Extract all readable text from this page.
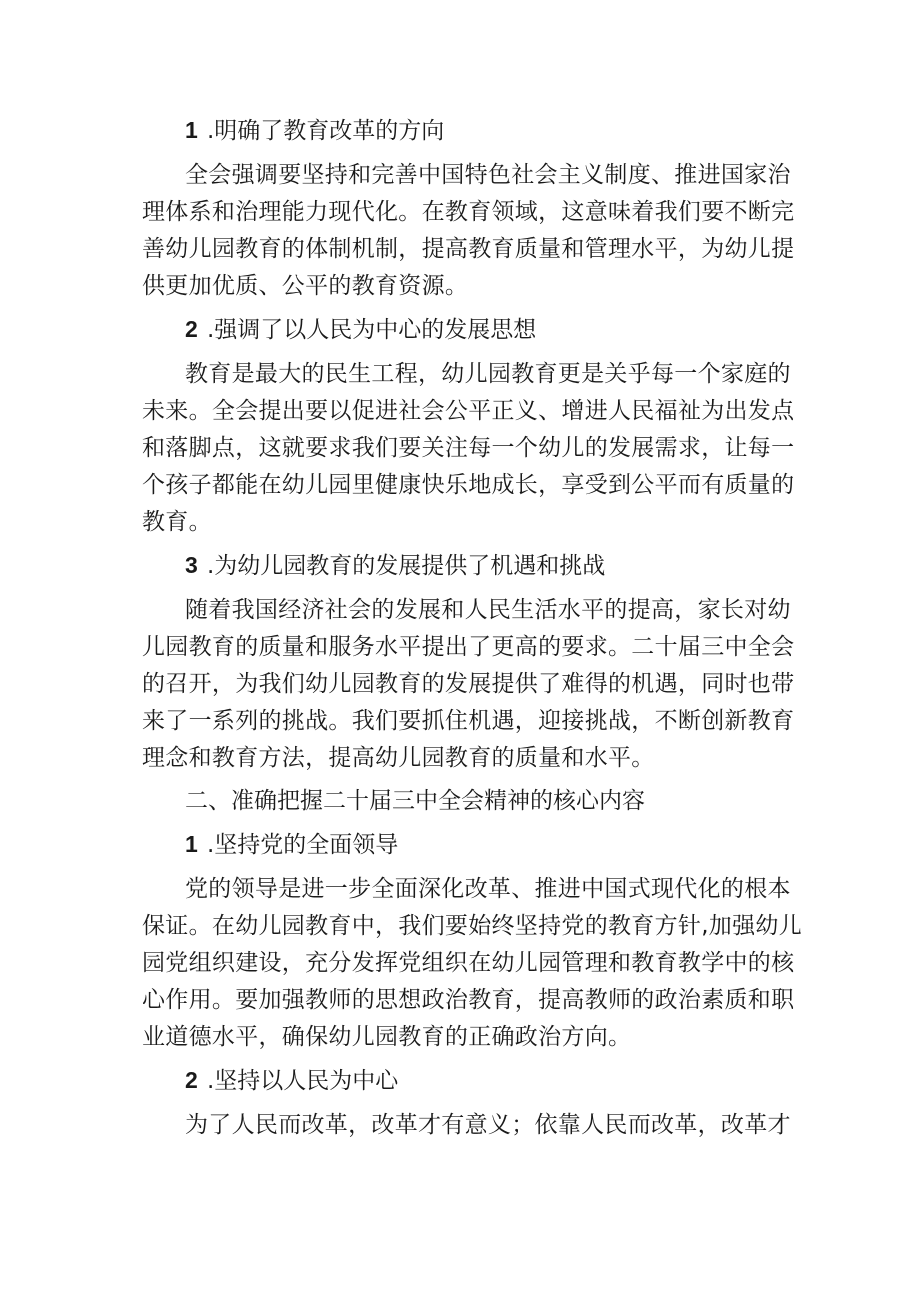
1 .明确了教育改革的方向
全会强调要坚持和完善中国特色社会主义制度、推进国家治
理体系和治理能力现代化。在教育领域，这意味着我们要不断完
善幼儿园教育的体制机制，提高教育质量和管理水平，为幼儿提
供更加优质、公平的教育资源。
2 .强调了以人民为中心的发展思想
教育是最大的民生工程，幼儿园教育更是关乎每一个家庭的
未来。全会提出要以促进社会公平正义、增进人民福祉为出发点
和落脚点，这就要求我们要关注每一个幼儿的发展需求，让每一
个孩子都能在幼儿园里健康快乐地成长，享受到公平而有质量的
教育。
3 .为幼儿园教育的发展提供了机遇和挑战
随着我国经济社会的发展和人民生活水平的提高，家长对幼
儿园教育的质量和服务水平提出了更高的要求。二十届三中全会
的召开，为我们幼儿园教育的发展提供了难得的机遇，同时也带
来了一系列的挑战。我们要抓住机遇，迎接挑战，不断创新教育
理念和教育方法，提高幼儿园教育的质量和水平。
二、准确把握二十届三中全会精神的核心内容
1 .坚持党的全面领导
党的领导是进一步全面深化改革、推进中国式现代化的根本
保证。在幼儿园教育中，我们要始终坚持党的教育方针,加强幼儿
园党组织建设，充分发挥党组织在幼儿园管理和教育教学中的核
心作用。要加强教师的思想政治教育，提高教师的政治素质和职
业道德水平，确保幼儿园教育的正确政治方向。
2 .坚持以人民为中心
为了人民而改革，改革才有意义；依靠人民而改革，改革才
